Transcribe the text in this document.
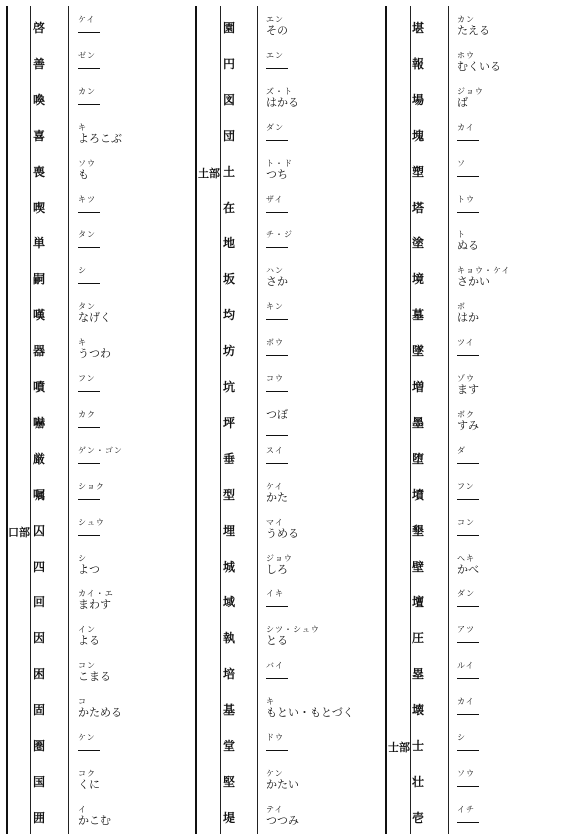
口部
啓
ケイ
善
ゼン
喚
カン
喜
キ
よろこぶ
喪
ソウ
も
喫
キツ
単
タン
嗣
シ
嘆
タン
なげく
器
キ
うつわ
噴
フン
嚇
カク
厳
ゲン・ゴン
嘱
ショク
囚
シュウ
四
シ
よつ
回
カイ・エ
まわす
因
イン
よる
困
コン
こまる
固
コ
かためる
圏
ケン
国
コク
くに
囲
イ
かこむ
土部
園
エン
その
円
エン
図
ズ・ト
はかる
団
ダン
土
ト・ド
つち
在
ザイ
地
チ・ジ
坂
ハン
さか
均
キン
坊
ボウ
坑
コウ
坪
つぼ
垂
スイ
型
ケイ
かた
埋
マイ
うめる
城
ジョウ
しろ
域
イキ
執
シツ・シュウ
とる
培
バイ
基
キ
もとい・もとづく
堂
ドウ
堅
ケン
かたい
堤
テイ
つつみ
士部
堪
カン
たえる
報
ホウ
むくいる
場
ジョウ
ば
塊
カイ
塑
ソ
塔
トウ
塗
ト
ぬる
境
キョウ・ケイ
さかい
墓
ボ
はか
墜
ツイ
増
ゾウ
ます
墨
ボク
すみ
堕
ダ
墳
フン
墾
コン
壁
ヘキ
かべ
壇
ダン
圧
アツ
塁
ルイ
壊
カイ
士
シ
壮
ソウ
壱
イチ
